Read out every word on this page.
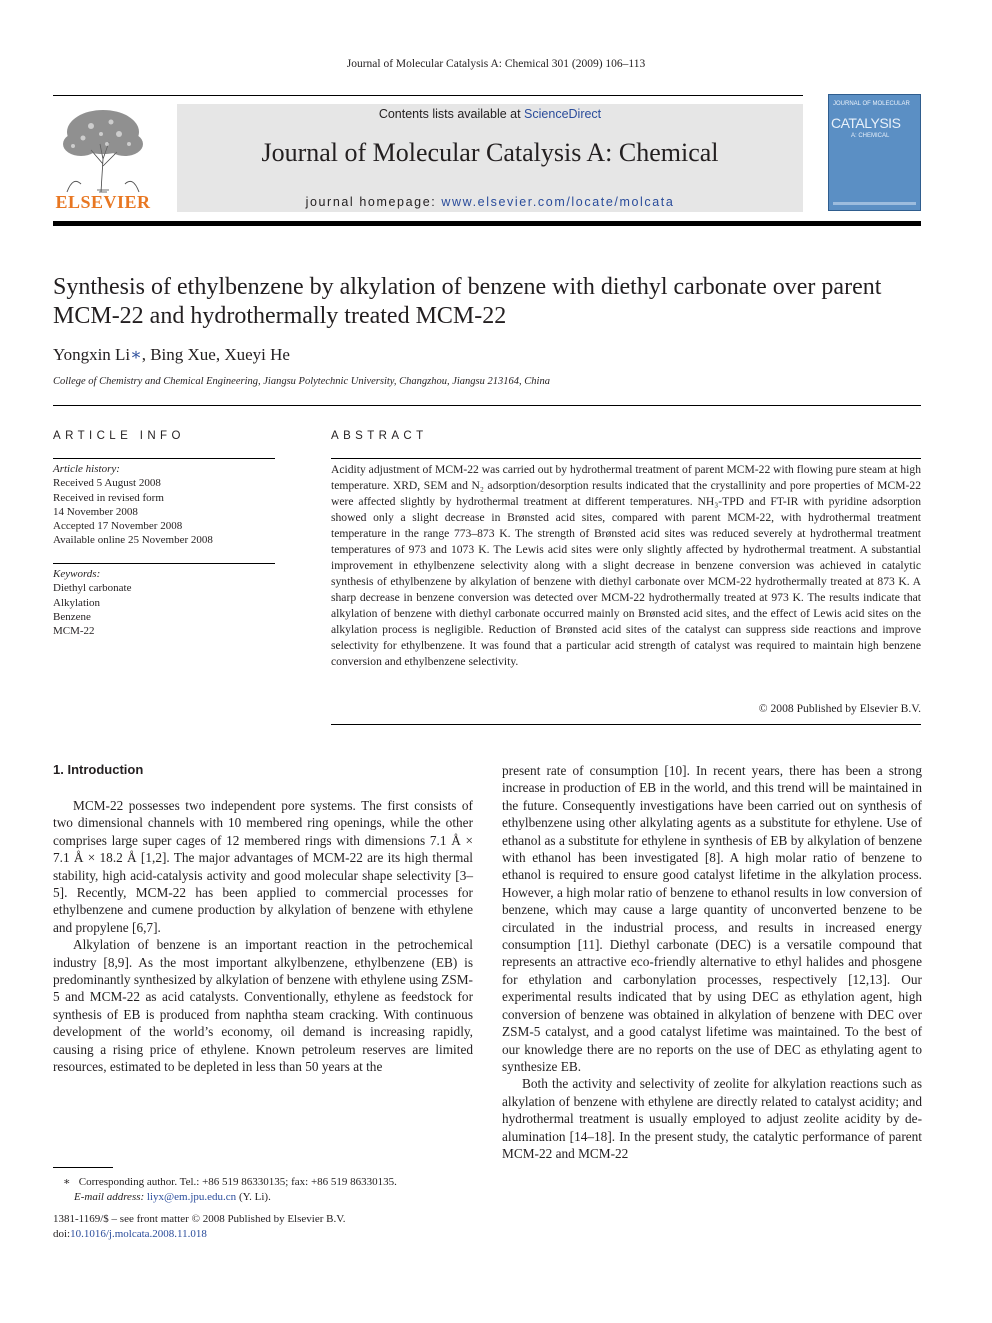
Journal of Molecular Catalysis A: Chemical 301 (2009) 106–113
ELSEVIER
Contents lists available at ScienceDirect
Journal of Molecular Catalysis A: Chemical
journal homepage: www.elsevier.com/locate/molcata
JOURNAL OF MOLECULAR
CATALYSIS
A: CHEMICAL
Synthesis of ethylbenzene by alkylation of benzene with diethyl carbonate over parent MCM-22 and hydrothermally treated MCM-22
Yongxin Li∗, Bing Xue, Xueyi He
College of Chemistry and Chemical Engineering, Jiangsu Polytechnic University, Changzhou, Jiangsu 213164, China
ARTICLE INFO	ABSTRACT
Article history:
Received 5 August 2008
Received in revised form
14 November 2008
Accepted 17 November 2008
Available online 25 November 2008
Keywords:
Diethyl carbonate
Alkylation
Benzene
MCM-22
Acidity adjustment of MCM-22 was carried out by hydrothermal treatment of parent MCM-22 with flowing pure steam at high temperature. XRD, SEM and N₂ adsorption/desorption results indicated that the crystallinity and pore properties of MCM-22 were affected slightly by hydrothermal treatment at different temperatures. NH₃-TPD and FT-IR with pyridine adsorption showed only a slight decrease in Brønsted acid sites, compared with parent MCM-22, with hydrothermal treatment temperature in the range 773–873 K. The strength of Brønsted acid sites was reduced severely at hydrothermal treatment temperatures of 973 and 1073 K. The Lewis acid sites were only slightly affected by hydrothermal treatment. A substantial improvement in ethylbenzene selectivity along with a slight decrease in benzene conversion was achieved in catalytic synthesis of ethylbenzene by alkylation of benzene with diethyl carbonate over MCM-22 hydrothermally treated at 873 K. A sharp decrease in benzene conversion was detected over MCM-22 hydrothermally treated at 973 K. The results indicate that alkylation of benzene with diethyl carbonate occurred mainly on Brønsted acid sites, and the effect of Lewis acid sites on the alkylation process is negligible. Reduction of Brønsted acid sites of the catalyst can suppress side reactions and improve selectivity for ethylbenzene. It was found that a particular acid strength of catalyst was required to maintain high benzene conversion and ethylbenzene selectivity.
© 2008 Published by Elsevier B.V.
1. Introduction

MCM-22 possesses two independent pore systems. The first consists of two dimensional channels with 10 membered ring openings, while the other comprises large super cages of 12 membered rings with dimensions 7.1 Å × 7.1 Å × 18.2 Å [1,2]. The major advantages of MCM-22 are its high thermal stability, high acid-catalysis activity and good molecular shape selectivity [3–5]. Recently, MCM-22 has been applied to commercial processes for ethylbenzene and cumene production by alkylation of benzene with ethylene and propylene [6,7].

Alkylation of benzene is an important reaction in the petrochemical industry [8,9]. As the most important alkylbenzene, ethylbenzene (EB) is predominantly synthesized by alkylation of benzene with ethylene using ZSM-5 and MCM-22 as acid catalysts. Conventionally, ethylene as feedstock for synthesis of EB is produced from naphtha steam cracking. With continuous development of the world’s economy, oil demand is increasing rapidly, causing a rising price of ethylene. Known petroleum reserves are limited resources, estimated to be depleted in less than 50 years at the

present rate of consumption [10]. In recent years, there has been a strong increase in production of EB in the world, and this trend will be maintained in the future. Consequently investigations have been carried out on synthesis of ethylbenzene using other alkylating agents as a substitute for ethylene. Use of ethanol as a substitute for ethylene in synthesis of EB by alkylation of benzene with ethanol has been investigated [8]. A high molar ratio of benzene to ethanol is required to ensure good catalyst lifetime in the alkylation process. However, a high molar ratio of benzene to ethanol results in low conversion of benzene, which may cause a large quantity of unconverted benzene to be circulated in the industrial process, and results in increased energy consumption [11]. Diethyl carbonate (DEC) is a versatile compound that represents an attractive eco-friendly alternative to ethyl halides and phosgene for ethylation and carbonylation processes, respectively [12,13]. Our experimental results indicated that by using DEC as ethylation agent, high conversion of benzene was obtained in alkylation of benzene with DEC over ZSM-5 catalyst, and a good catalyst lifetime was maintained. To the best of our knowledge there are no reports on the use of DEC as ethylating agent to synthesize EB.

Both the activity and selectivity of zeolite for alkylation reactions such as alkylation of benzene with ethylene are directly related to catalyst acidity; and hydrothermal treatment is usually employed to adjust zeolite acidity by de-alumination [14–18]. In the present study, the catalytic performance of parent MCM-22 and MCM-22

∗ Corresponding author. Tel.: +86 519 86330135; fax: +86 519 86330135.
E-mail address: liyx@em.jpu.edu.cn (Y. Li).
1381-1169/$ – see front matter © 2008 Published by Elsevier B.V.
doi:10.1016/j.molcata.2008.11.018
